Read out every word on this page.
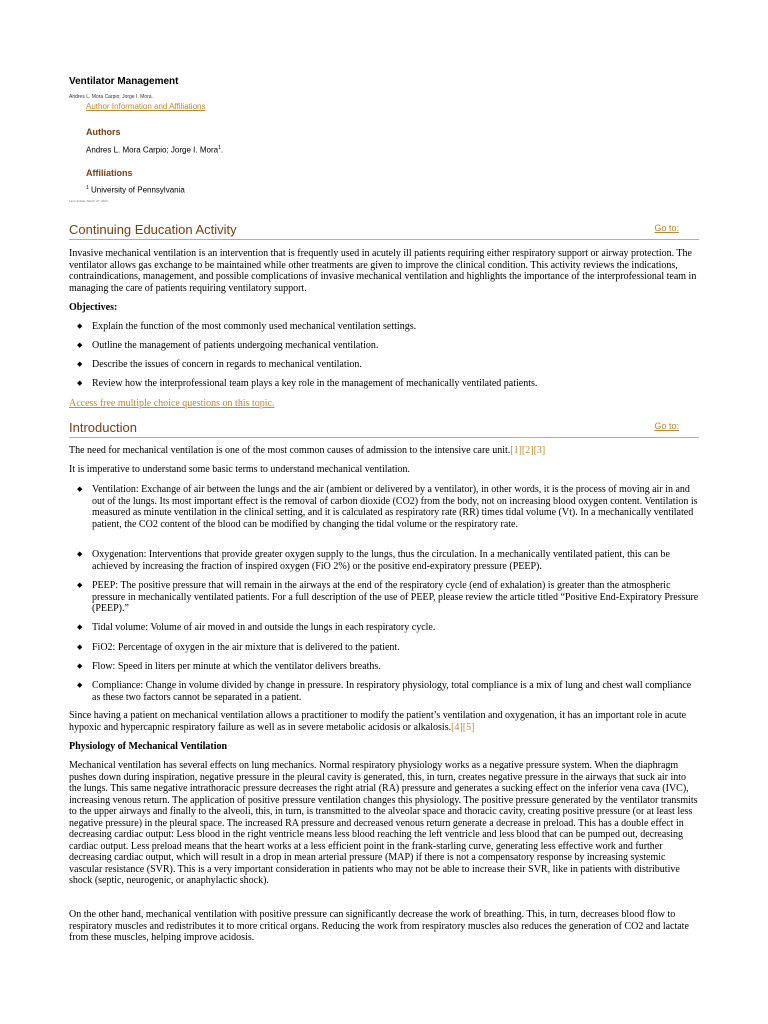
Ventilator Management
Andres L. Mora Carpio; Jorge I. Mora.
Author Information and Affiliations
Authors
Andres L. Mora Carpio; Jorge I. Mora$^1$.
Affiliations
$^1$ University of Pennsylvania
Last Update: March 27, 2023.
Continuing Education Activity	Go to:
Invasive mechanical ventilation is an intervention that is frequently used in acutely ill patients requiring either respiratory support or airway protection. The ventilator allows gas exchange to be maintained while other treatments are given to improve the clinical condition. This activity reviews the indications, contraindications, management, and possible complications of invasive mechanical ventilation and highlights the importance of the interprofessional team in managing the care of patients requiring ventilatory support.
Objectives:
◆ Explain the function of the most commonly used mechanical ventilation settings.
◆ Outline the management of patients undergoing mechanical ventilation.
◆ Describe the issues of concern in regards to mechanical ventilation.
◆ Review how the interprofessional team plays a key role in the management of mechanically ventilated patients.
Access free multiple choice questions on this topic.
Introduction	Go to:
The need for mechanical ventilation is one of the most common causes of admission to the intensive care unit.[1][2][3]
It is imperative to understand some basic terms to understand mechanical ventilation.
◆ Ventilation: Exchange of air between the lungs and the air (ambient or delivered by a ventilator), in other words, it is the process of moving air in and out of the lungs. Its most important effect is the removal of carbon dioxide (CO2) from the body, not on increasing blood oxygen content. Ventilation is measured as minute ventilation in the clinical setting, and it is calculated as respiratory rate (RR) times tidal volume (Vt). In a mechanically ventilated patient, the CO2 content of the blood can be modified by changing the tidal volume or the respiratory rate.
◆ Oxygenation: Interventions that provide greater oxygen supply to the lungs, thus the circulation. In a mechanically ventilated patient, this can be achieved by increasing the fraction of inspired oxygen (FiO 2%) or the positive end-expiratory pressure (PEEP).
◆ PEEP: The positive pressure that will remain in the airways at the end of the respiratory cycle (end of exhalation) is greater than the atmospheric pressure in mechanically ventilated patients. For a full description of the use of PEEP, please review the article titled “Positive End-Expiratory Pressure (PEEP).”
◆ Tidal volume: Volume of air moved in and outside the lungs in each respiratory cycle.
◆ FiO2: Percentage of oxygen in the air mixture that is delivered to the patient.
◆ Flow: Speed in liters per minute at which the ventilator delivers breaths.
◆ Compliance: Change in volume divided by change in pressure. In respiratory physiology, total compliance is a mix of lung and chest wall compliance as these two factors cannot be separated in a patient.
Since having a patient on mechanical ventilation allows a practitioner to modify the patient’s ventilation and oxygenation, it has an important role in acute hypoxic and hypercapnic respiratory failure as well as in severe metabolic acidosis or alkalosis.[4][5]
Physiology of Mechanical Ventilation
Mechanical ventilation has several effects on lung mechanics. Normal respiratory physiology works as a negative pressure system. When the diaphragm pushes down during inspiration, negative pressure in the pleural cavity is generated, this, in turn, creates negative pressure in the airways that suck air into the lungs. This same negative intrathoracic pressure decreases the right atrial (RA) pressure and generates a sucking effect on the inferior vena cava (IVC), increasing venous return. The application of positive pressure ventilation changes this physiology. The positive pressure generated by the ventilator transmits to the upper airways and finally to the alveoli, this, in turn, is transmitted to the alveolar space and thoracic cavity, creating positive pressure (or at least less negative pressure) in the pleural space. The increased RA pressure and decreased venous return generate a decrease in preload. This has a double effect in decreasing cardiac output: Less blood in the right ventricle means less blood reaching the left ventricle and less blood that can be pumped out, decreasing cardiac output. Less preload means that the heart works at a less efficient point in the frank-starling curve, generating less effective work and further decreasing cardiac output, which will result in a drop in mean arterial pressure (MAP) if there is not a compensatory response by increasing systemic vascular resistance (SVR). This is a very important consideration in patients who may not be able to increase their SVR, like in patients with distributive shock (septic, neurogenic, or anaphylactic shock).
On the other hand, mechanical ventilation with positive pressure can significantly decrease the work of breathing. This, in turn, decreases blood flow to respiratory muscles and redistributes it to more critical organs. Reducing the work from respiratory muscles also reduces the generation of CO2 and lactate from these muscles, helping improve acidosis.
